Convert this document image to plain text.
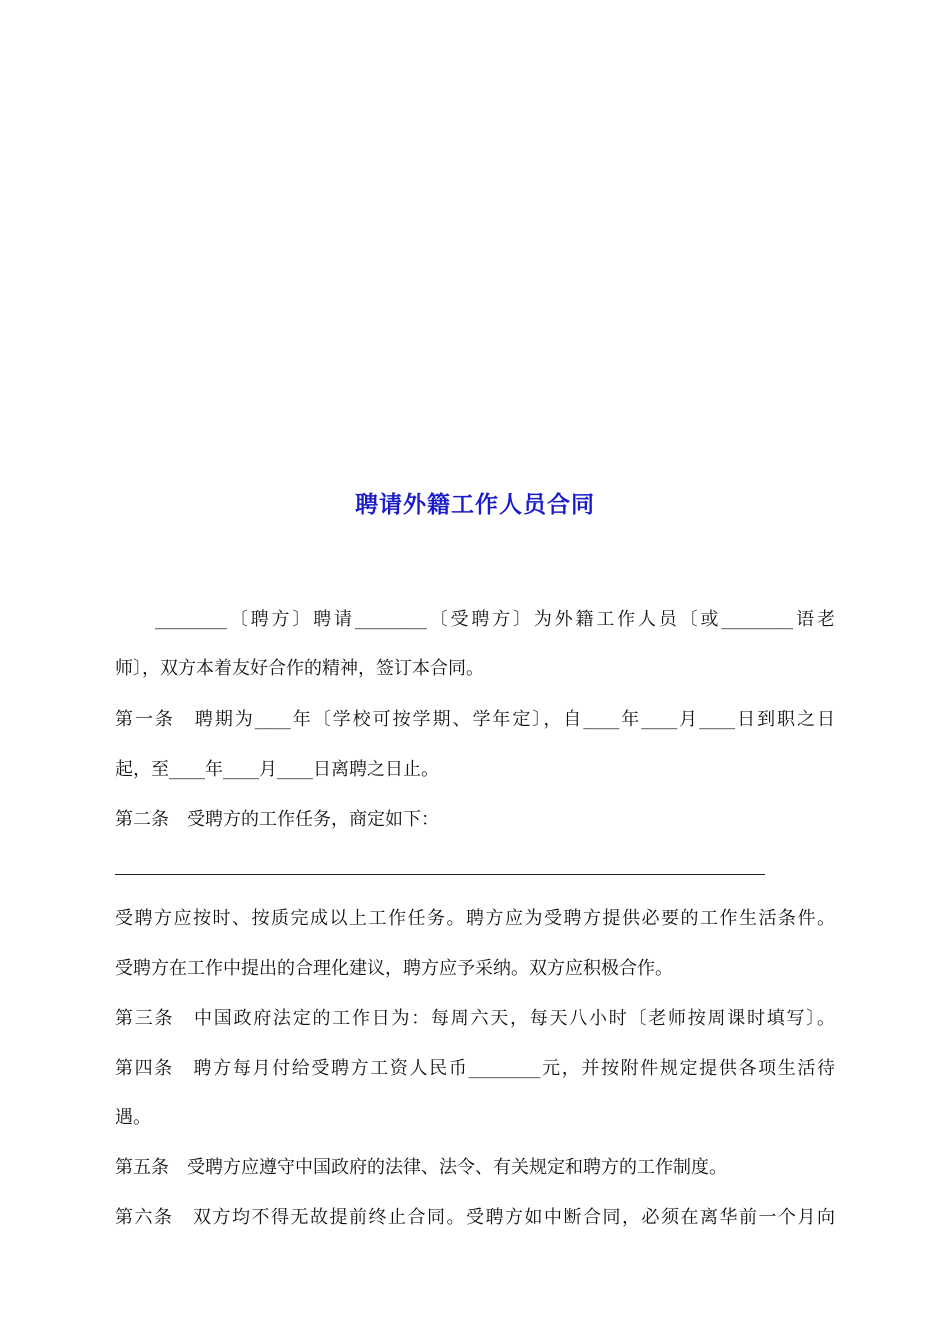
聘请外籍工作人员合同
________〔聘方〕聘请________〔受聘方〕为外籍工作人员〔或________语老
师〕，双方本着友好合作的精神，签订本合同。
第一条　聘期为____年〔学校可按学期、学年定〕，自____年____月____日到职之日
起，至____年____月____日离聘之日止。
第二条　受聘方的工作任务，商定如下：
受聘方应按时、按质完成以上工作任务。聘方应为受聘方提供必要的工作生活条件。
受聘方在工作中提出的合理化建议，聘方应予采纳。双方应积极合作。
第三条　中国政府法定的工作日为：每周六天，每天八小时〔老师按周课时填写〕。
第四条　聘方每月付给受聘方工资人民币________元，并按附件规定提供各项生活待
遇。
第五条　受聘方应遵守中国政府的法律、法令、有关规定和聘方的工作制度。
第六条　双方均不得无故提前终止合同。受聘方如中断合同，必须在离华前一个月向
